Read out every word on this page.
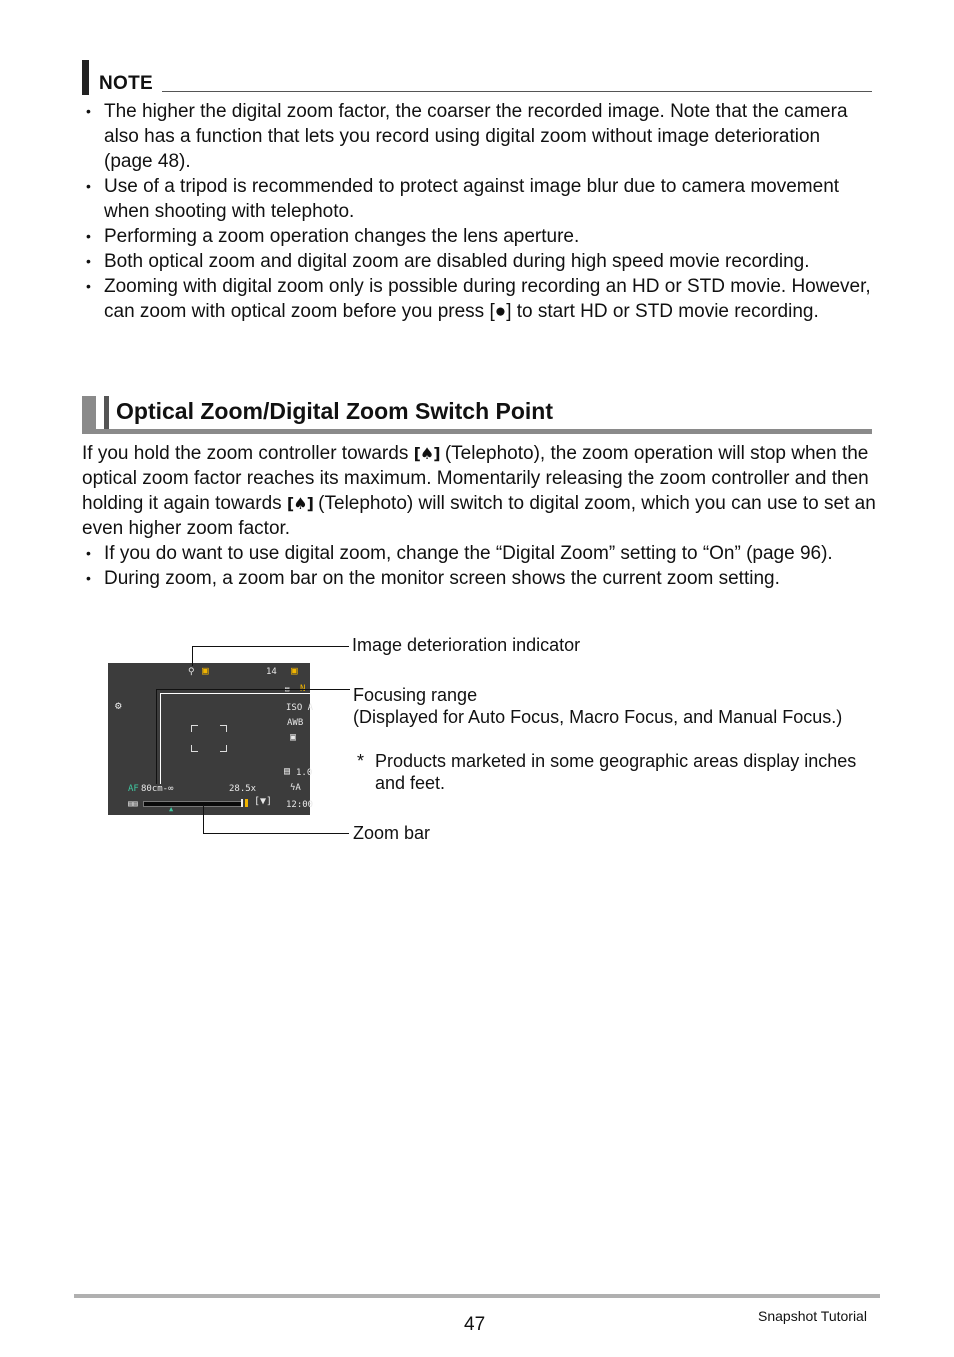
NOTE
• The higher the digital zoom factor, the coarser the recorded image. Note that the camera also has a function that lets you record using digital zoom without image deterioration (page 48).
• Use of a tripod is recommended to protect against image blur due to camera movement when shooting with telephoto.
• Performing a zoom operation changes the lens aperture.
• Both optical zoom and digital zoom are disabled during high speed movie recording.
• Zooming with digital zoom only is possible during recording an HD or STD movie. However, can zoom with optical zoom before you press [●] to start HD or STD movie recording.
Optical Zoom/Digital Zoom Switch Point
If you hold the zoom controller towards [♠] (Telephoto), the zoom operation will stop when the optical zoom factor reaches its maximum. Momentarily releasing the zoom controller and then holding it again towards [♠] (Telephoto) will switch to digital zoom, which you can use to set an even higher zoom factor.
• If you do want to use digital zoom, change the “Digital Zoom” setting to “On” (page 96).
• During zoom, a zoom bar on the monitor screen shows the current zoom setting.
⚲ ▣	14 ▣
N
▤
⚙	ISO A
AWB
▣
▤ 1.0
ϟA
12:00
AF 80cm-∞	28.5x
▤▤	[▼]
▲
Image deterioration indicator
Focusing range
(Displayed for Auto Focus, Macro Focus, and Manual Focus.)
* Products marketed in some geographic areas display inches and feet.
Zoom bar
47	Snapshot Tutorial
